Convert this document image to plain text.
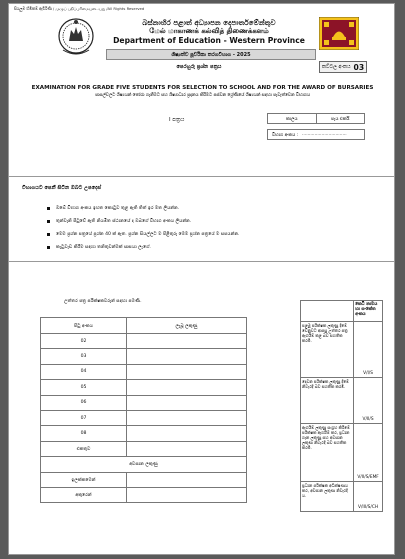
සියලුම හිමිකම් ඇවිරිණි / முழுப் பதிப்புரிமையுடையது /All Rights Reserved
බස්නාහිර පළාත් අධ්‍යාපන දෙපාර්තමේන්තුව
மேல் மாகாணக் கல்வித் திணைக்களம்
Department of Education - Western Province
ශිෂ්‍යත්ව පූර්විකා තරගවිභාග - 2025
පෙරහුරු ප්‍රශ්න පත්‍රය	කට්ටල අංකය 03
EXAMINATION FOR GRADE FIVE STUDENTS FOR SELECTION TO SCHOOL AND FOR THE AWARD OF BURSARIES
පාසල්වලට ශිෂ්‍යයන් තෝරා ගැනීමට සහ ශිෂ්‍යාධාර ප්‍රදානය කිරීමට පස්වන ශ්‍රේණියේ ශිෂ්‍යයන් සඳහා පැවැත්වෙන විභාගය
I පත්‍රය	කාලය	පැය එකයි
විභාග අංකය : ................................
විභාගයට පෙනී සිටින ඔබට උපදෙස්
ඔබේ විභාග අංකය ඉහත කොටුව තුළ ඇති තිත් ඉර මත ලියන්න.
තුන්වැනි පිටුවේ ඇති නියමිත ස්ථානයේ ද ඔබගේ විභාග අංකය ලියන්න.
මෙම ප්‍රශ්න පත්‍රයේ ප්‍රශ්න 40 ක් ඇත. ප්‍රශ්න සියල්ලට ම පිළිතුරු මෙම ප්‍රශ්න පත්‍රයේ ම සපයන්න.
කැටුවැඩ කිරීම සඳහා තනිතුවන්මක් සෘපයා ලැගේ.
උත්තර පත්‍ර පරීක්ෂකවරුන් සඳහා පමණි.
පිටු අංකය	ලැබූ ලකුණු
02	
03	
04	
05	
06	
07	
08	
එකතුව	
අවසාන ලකුණු	
ඉලක්කමෙන්	
අකුරෙන්	
	කෙටි නාමය හා සංකේත අංකය
පළමු පරීක්ෂක ලකුණු දීමේ වෙනුවට ආපසු උත්තර පත්‍ර ඇගයීම් කළ බව සහතික කරමි.	V/I/S
දෙවන පරීක්ෂක ලකුණු දීමේ නිවැරදි බව සහතික කරමි.	V/II/S
ඇගයීම් ලකුණු සංග්‍රහ කිරීමේ පරීක්ෂක ඇගයීම් කර, ප්‍රධාන ගැන ලකුණු සහ අවසාන ලකුණ නිවැරදි බව සහතික කරමි.	V/II/S/EMF
ප්‍රධාන පරීක්ෂක අධීක්ෂණය කර, අවසාන ලකුණ නිවැරදි ය.	V/III/S/CH
